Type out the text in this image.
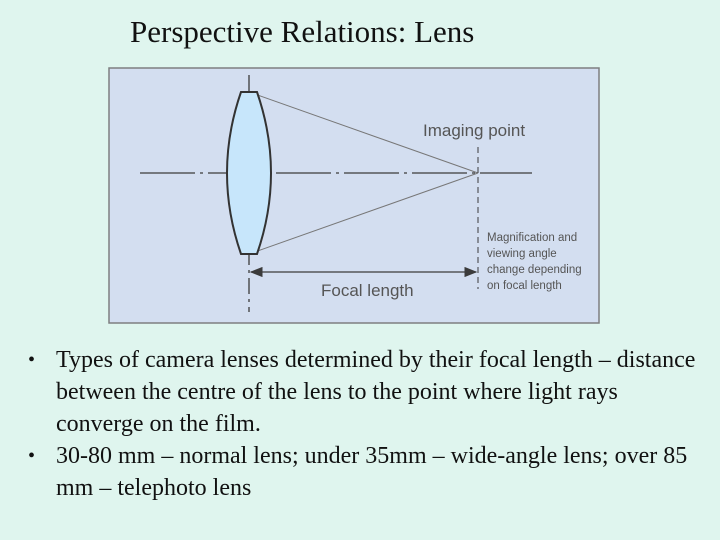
Perspective Relations: Lens
Imaging point
Magnification and viewing angle change depending on focal length
Focal length
• Types of camera lenses determined by their focal length – distance between the centre of the lens to the point where light rays converge on the film.
• 30-80 mm – normal lens; under 35mm – wide-angle lens; over 85 mm – telephoto lens
